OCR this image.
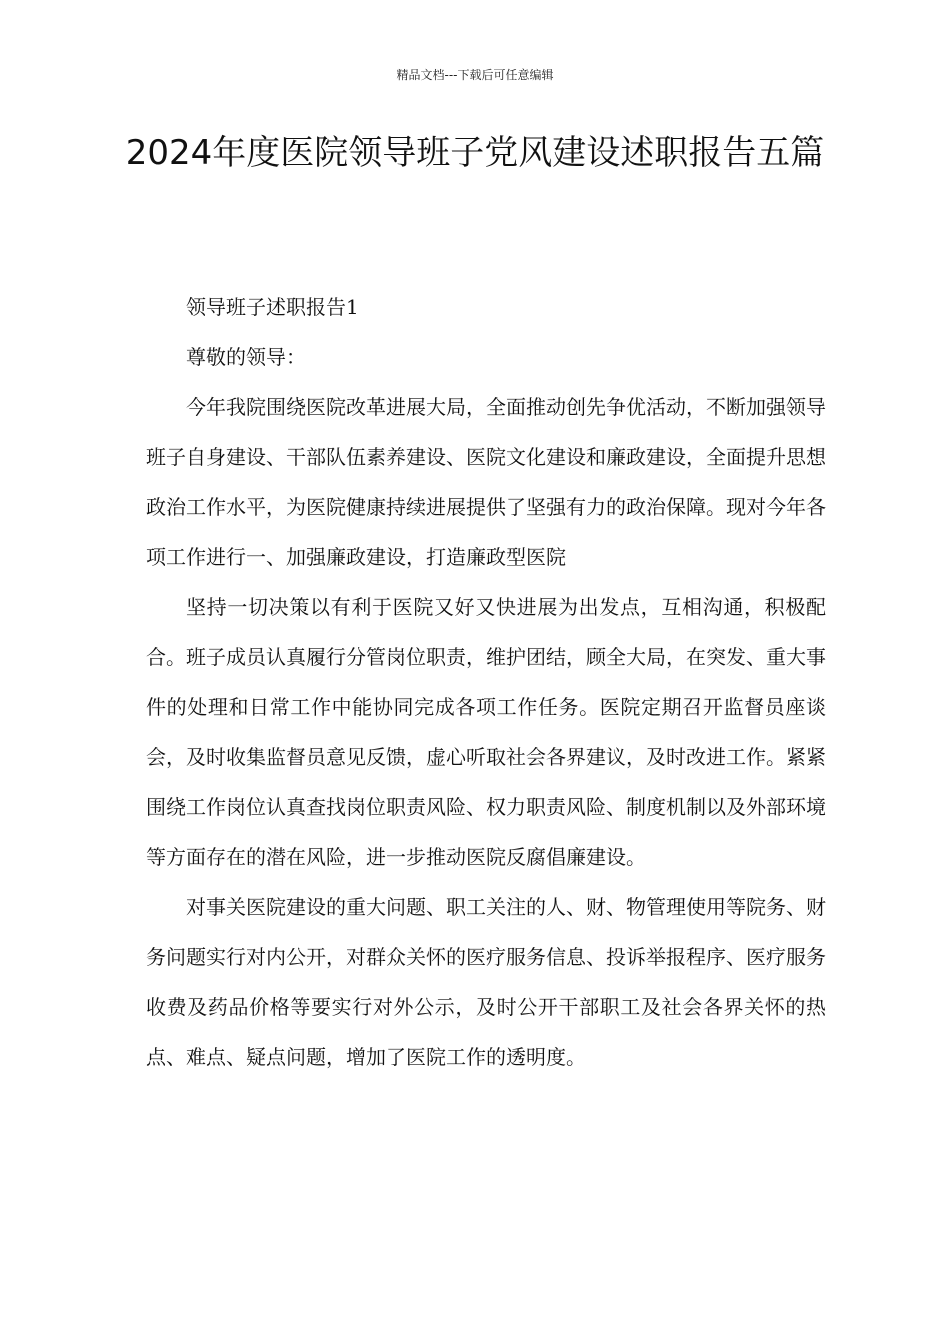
精品文档---下载后可任意编辑
2024年度医院领导班子党风建设述职报告五篇

领导班子述职报告1

尊敬的领导：

今年我院围绕医院改革进展大局，全面推动创先争优活动，不断加强领导班子自身建设、干部队伍素养建设、医院文化建设和廉政建设，全面提升思想政治工作水平，为医院健康持续进展提供了坚强有力的政治保障。现对今年各项工作进行一、加强廉政建设，打造廉政型医院

坚持一切决策以有利于医院又好又快进展为出发点，互相沟通，积极配合。班子成员认真履行分管岗位职责，维护团结，顾全大局，在突发、重大事件的处理和日常工作中能协同完成各项工作任务。医院定期召开监督员座谈会，及时收集监督员意见反馈，虚心听取社会各界建议，及时改进工作。紧紧围绕工作岗位认真查找岗位职责风险、权力职责风险、制度机制以及外部环境等方面存在的潜在风险，进一步推动医院反腐倡廉建设。

对事关医院建设的重大问题、职工关注的人、财、物管理使用等院务、财务问题实行对内公开，对群众关怀的医疗服务信息、投诉举报程序、医疗服务收费及药品价格等要实行对外公示，及时公开干部职工及社会各界关怀的热点、难点、疑点问题，增加了医院工作的透明度。
